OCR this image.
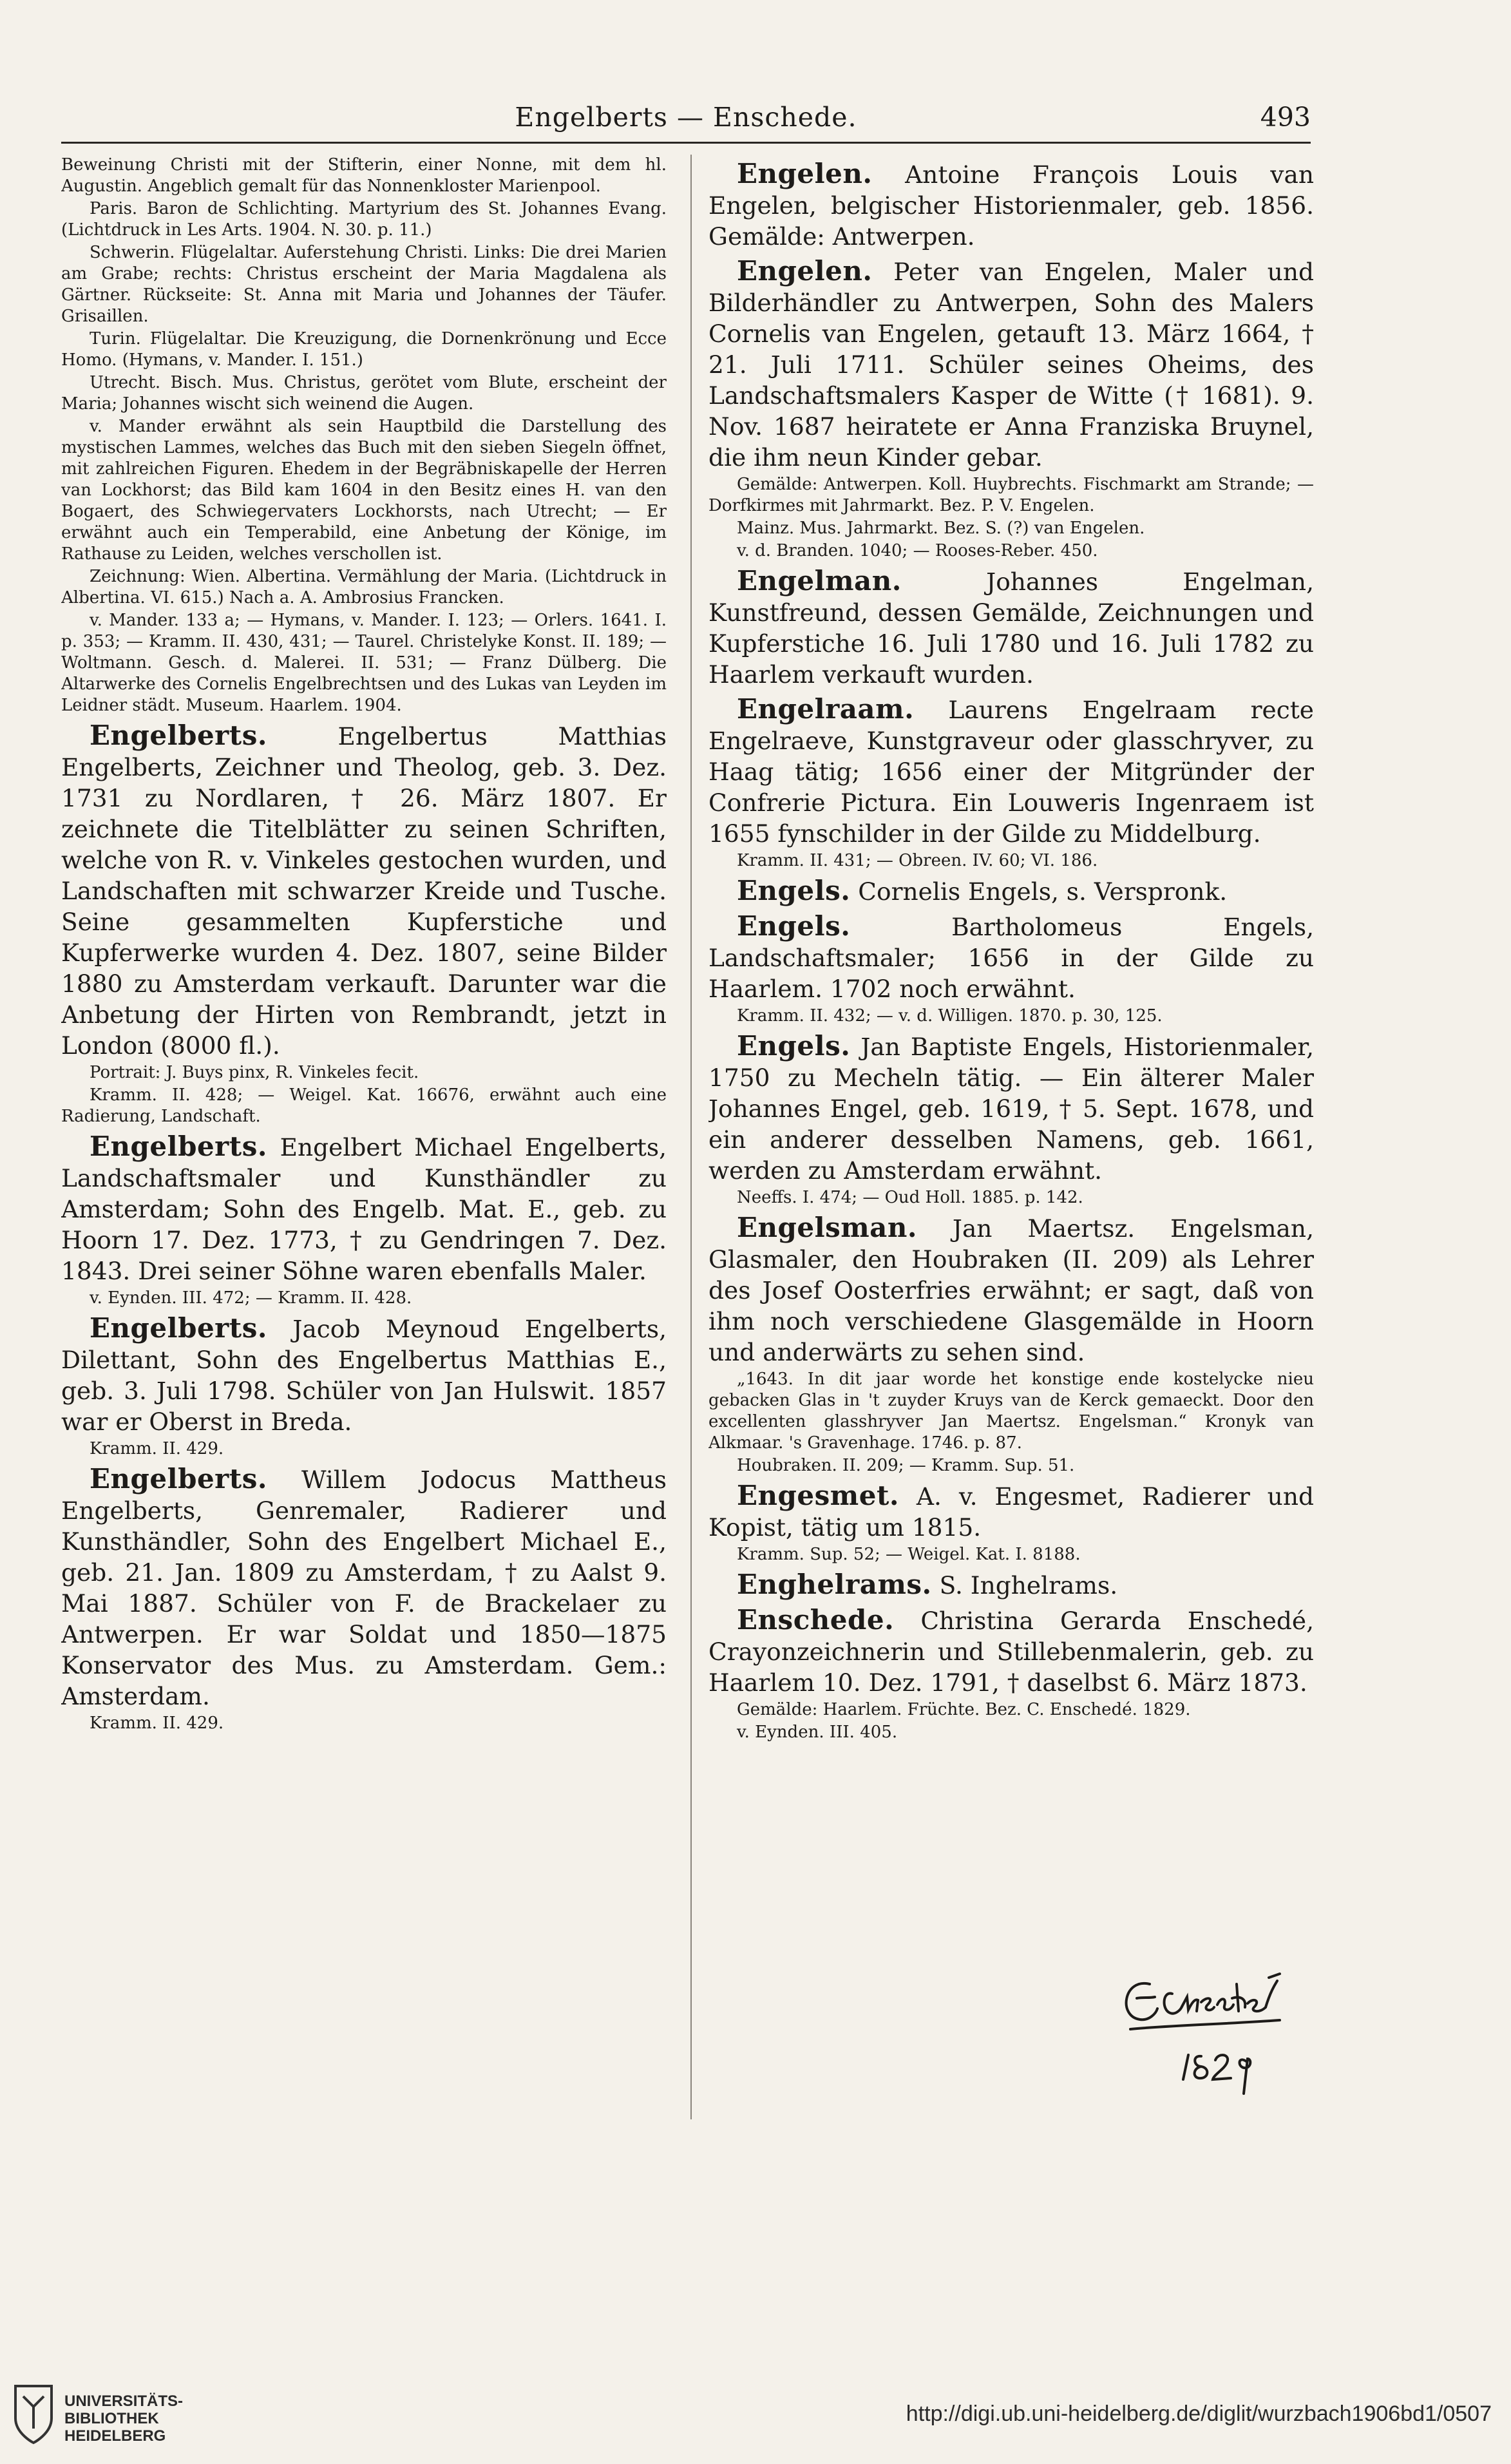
Engelberts — Enschede.	493

Beweinung Christi mit der Stifterin, einer Nonne, mit dem hl. Augustin. Angeblich gemalt für das Nonnenkloster Marienpool.

Paris. Baron de Schlichting. Martyrium des St. Johannes Evang. (Lichtdruck in Les Arts. 1904. N. 30. p. 11.)

Schwerin. Flügelaltar. Auferstehung Christi. Links: Die drei Marien am Grabe; rechts: Christus erscheint der Maria Magdalena als Gärtner. Rückseite: St. Anna mit Maria und Johannes der Täufer. Grisaillen.

Turin. Flügelaltar. Die Kreuzigung, die Dornenkrönung und Ecce Homo. (Hymans, v. Mander. I. 151.)

Utrecht. Bisch. Mus. Christus, gerötet vom Blute, erscheint der Maria; Johannes wischt sich weinend die Augen.

v. Mander erwähnt als sein Hauptbild die Darstellung des mystischen Lammes, welches das Buch mit den sieben Siegeln öffnet, mit zahlreichen Figuren. Ehedem in der Begräbniskapelle der Herren van Lockhorst; das Bild kam 1604 in den Besitz eines H. van den Bogaert, des Schwiegervaters Lockhorsts, nach Utrecht; — Er erwähnt auch ein Temperabild, eine Anbetung der Könige, im Rathause zu Leiden, welches verschollen ist.

Zeichnung: Wien. Albertina. Vermählung der Maria. (Lichtdruck in Albertina. VI. 615.) Nach a. A. Ambrosius Francken.

v. Mander. 133 a; — Hymans, v. Mander. I. 123; — Orlers. 1641. I. p. 353; — Kramm. II. 430, 431; — Taurel. Christelyke Konst. II. 189; — Woltmann. Gesch. d. Malerei. II. 531; — Franz Dülberg. Die Altarwerke des Cornelis Engelbrechtsen und des Lukas van Leyden im Leidner städt. Museum. Haarlem. 1904.

Engelberts. Engelbertus Matthias Engelberts, Zeichner und Theolog, geb. 3. Dez. 1731 zu Nordlaren, † 26. März 1807. Er zeichnete die Titelblätter zu seinen Schriften, welche von R. v. Vinkeles gestochen wurden, und Landschaften mit schwarzer Kreide und Tusche. Seine gesammelten Kupferstiche und Kupferwerke wurden 4. Dez. 1807, seine Bilder 1880 zu Amsterdam verkauft. Darunter war die Anbetung der Hirten von Rembrandt, jetzt in London (8000 fl.).

Portrait: J. Buys pinx, R. Vinkeles fecit.

Kramm. II. 428; — Weigel. Kat. 16676, erwähnt auch eine Radierung, Landschaft.

Engelberts. Engelbert Michael Engelberts, Landschaftsmaler und Kunsthändler zu Amsterdam; Sohn des Engelb. Mat. E., geb. zu Hoorn 17. Dez. 1773, † zu Gendringen 7. Dez. 1843. Drei seiner Söhne waren ebenfalls Maler.

v. Eynden. III. 472; — Kramm. II. 428.

Engelberts. Jacob Meynoud Engelberts, Dilettant, Sohn des Engelbertus Matthias E., geb. 3. Juli 1798. Schüler von Jan Hulswit. 1857 war er Oberst in Breda.

Kramm. II. 429.

Engelberts. Willem Jodocus Mattheus Engelberts, Genremaler, Radierer und Kunsthändler, Sohn des Engelbert Michael E., geb. 21. Jan. 1809 zu Amsterdam, † zu Aalst 9. Mai 1887. Schüler von F. de Brackelaer zu Antwerpen. Er war Soldat und 1850—1875 Konservator des Mus. zu Amsterdam. Gem.: Amsterdam.

Kramm. II. 429.

Engelen. Antoine François Louis van Engelen, belgischer Historienmaler, geb. 1856. Gemälde: Antwerpen.

Engelen. Peter van Engelen, Maler und Bilderhändler zu Antwerpen, Sohn des Malers Cornelis van Engelen, getauft 13. März 1664, † 21. Juli 1711. Schüler seines Oheims, des Landschaftsmalers Kasper de Witte († 1681). 9. Nov. 1687 heiratete er Anna Franziska Bruynel, die ihm neun Kinder gebar.

Gemälde: Antwerpen. Koll. Huybrechts. Fischmarkt am Strande; — Dorfkirmes mit Jahrmarkt. Bez. P. V. Engelen.

Mainz. Mus. Jahrmarkt. Bez. S. (?) van Engelen.

v. d. Branden. 1040; — Rooses-Reber. 450.

Engelman. Johannes Engelman, Kunstfreund, dessen Gemälde, Zeichnungen und Kupferstiche 16. Juli 1780 und 16. Juli 1782 zu Haarlem verkauft wurden.

Engelraam. Laurens Engelraam recte Engelraeve, Kunstgraveur oder glasschryver, zu Haag tätig; 1656 einer der Mitgründer der Confrerie Pictura. Ein Louweris Ingenraem ist 1655 fynschilder in der Gilde zu Middelburg.

Kramm. II. 431; — Obreen. IV. 60; VI. 186.

Engels. Cornelis Engels, s. Verspronk.

Engels. Bartholomeus Engels, Landschaftsmaler; 1656 in der Gilde zu Haarlem. 1702 noch erwähnt.

Kramm. II. 432; — v. d. Willigen. 1870. p. 30, 125.

Engels. Jan Baptiste Engels, Historienmaler, 1750 zu Mecheln tätig. — Ein älterer Maler Johannes Engel, geb. 1619, † 5. Sept. 1678, und ein anderer desselben Namens, geb. 1661, werden zu Amsterdam erwähnt.

Neeffs. I. 474; — Oud Holl. 1885. p. 142.

Engelsman. Jan Maertsz. Engelsman, Glasmaler, den Houbraken (II. 209) als Lehrer des Josef Oosterfries erwähnt; er sagt, daß von ihm noch verschiedene Glasgemälde in Hoorn und anderwärts zu sehen sind.

„1643. In dit jaar worde het konstige ende kostelycke nieu gebacken Glas in 't zuyder Kruys van de Kerck gemaeckt. Door den excellenten glasshryver Jan Maertsz. Engelsman.“ Kronyk van Alkmaar. 's Gravenhage. 1746. p. 87.

Houbraken. II. 209; — Kramm. Sup. 51.

Engesmet. A. v. Engesmet, Radierer und Kopist, tätig um 1815.

Kramm. Sup. 52; — Weigel. Kat. I. 8188.

Enghelrams. S. Inghelrams.

Enschede. Christina Gerarda Enschedé, Crayonzeichnerin und Stillebenmalerin, geb. zu Haarlem 10. Dez. 1791, † daselbst 6. März 1873.

Gemälde: Haarlem. Früchte. Bez. C. Enschedé. 1829.

v. Eynden. III. 405.

UNIVERSITÄTS-
BIBLIOTHEK
HEIDELBERG
http://digi.ub.uni-heidelberg.de/diglit/wurzbach1906bd1/0507
